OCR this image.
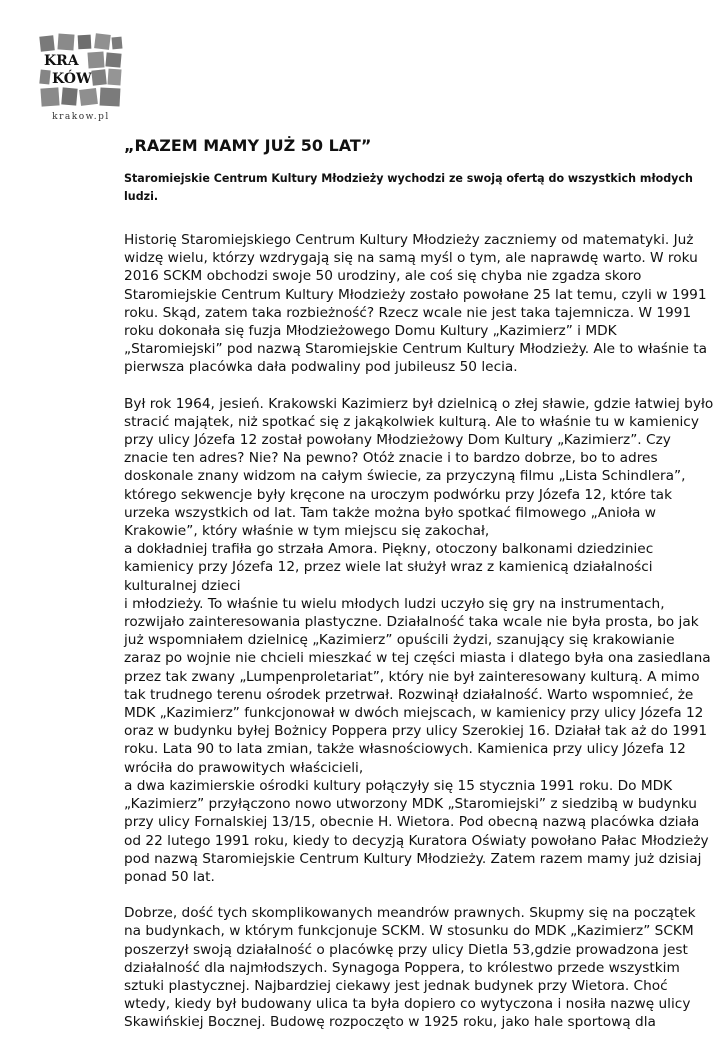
KRA
KÓW
krakow.pl
„RAZEM MAMY JUŻ 50 LAT”

Staromiejskie Centrum Kultury Młodzieży wychodzi ze swoją ofertą do wszystkich młodych ludzi.

Historię Staromiejskiego Centrum Kultury Młodzieży zaczniemy od matematyki. Już
widzę wielu, którzy wzdrygają się na samą myśl o tym, ale naprawdę warto. W roku
2016 SCKM obchodzi swoje 50 urodziny, ale coś się chyba nie zgadza skoro
Staromiejskie Centrum Kultury Młodzieży zostało powołane 25 lat temu, czyli w 1991
roku. Skąd, zatem taka rozbieżność? Rzecz wcale nie jest taka tajemnicza. W 1991
roku dokonała się fuzja Młodzieżowego Domu Kultury „Kazimierz” i MDK
„Staromiejski” pod nazwą Staromiejskie Centrum Kultury Młodzieży. Ale to właśnie ta
pierwsza placówka dała podwaliny pod jubileusz 50 lecia.
Był rok 1964, jesień. Krakowski Kazimierz był dzielnicą o złej sławie, gdzie łatwiej było
stracić majątek, niż spotkać się z jakąkolwiek kulturą. Ale to właśnie tu w kamienicy
przy ulicy Józefa 12 został powołany Młodzieżowy Dom Kultury „Kazimierz”. Czy
znacie ten adres? Nie? Na pewno? Otóż znacie i to bardzo dobrze, bo to adres
doskonale znany widzom na całym świecie, za przyczyną filmu „Lista Schindlera”,
którego sekwencje były kręcone na uroczym podwórku przy Józefa 12, które tak
urzeka wszystkich od lat. Tam także można było spotkać filmowego „Anioła w
Krakowie”, który właśnie w tym miejscu się zakochał,
a dokładniej trafiła go strzała Amora. Piękny, otoczony balkonami dziedziniec
kamienicy przy Józefa 12, przez wiele lat służył wraz z kamienicą działalności
kulturalnej dzieci
i młodzieży. To właśnie tu wielu młodych ludzi uczyło się gry na instrumentach,
rozwijało zainteresowania plastyczne. Działalność taka wcale nie była prosta, bo jak
już wspomniałem dzielnicę „Kazimierz” opuścili żydzi, szanujący się krakowianie
zaraz po wojnie nie chcieli mieszkać w tej części miasta i dlatego była ona zasiedlana
przez tak zwany „Lumpenproletariat”, który nie był zainteresowany kulturą. A mimo
tak trudnego terenu ośrodek przetrwał. Rozwinął działalność. Warto wspomnieć, że
MDK „Kazimierz” funkcjonował w dwóch miejscach, w kamienicy przy ulicy Józefa 12
oraz w budynku byłej Bożnicy Poppera przy ulicy Szerokiej 16. Działał tak aż do 1991
roku. Lata 90 to lata zmian, także własnościowych. Kamienica przy ulicy Józefa 12
wróciła do prawowitych właścicieli,
a dwa kazimierskie ośrodki kultury połączyły się 15 stycznia 1991 roku. Do MDK
„Kazimierz” przyłączono nowo utworzony MDK „Staromiejski” z siedzibą w budynku
przy ulicy Fornalskiej 13/15, obecnie H. Wietora. Pod obecną nazwą placówka działa
od 22 lutego 1991 roku, kiedy to decyzją Kuratora Oświaty powołano Pałac Młodzieży
pod nazwą Staromiejskie Centrum Kultury Młodzieży. Zatem razem mamy już dzisiaj
ponad 50 lat.
Dobrze, dość tych skomplikowanych meandrów prawnych. Skupmy się na początek
na budynkach, w którym funkcjonuje SCKM. W stosunku do MDK „Kazimierz” SCKM
poszerzył swoją działalność o placówkę przy ulicy Dietla 53,gdzie prowadzona jest
działalność dla najmłodszych. Synagoga Poppera, to królestwo przede wszystkim
sztuki plastycznej. Najbardziej ciekawy jest jednak budynek przy Wietora. Choć
wtedy, kiedy był budowany ulica ta była dopiero co wytyczona i nosiła nazwę ulicy
Skawińskiej Bocznej. Budowę rozpoczęto w 1925 roku, jako hale sportową dla
